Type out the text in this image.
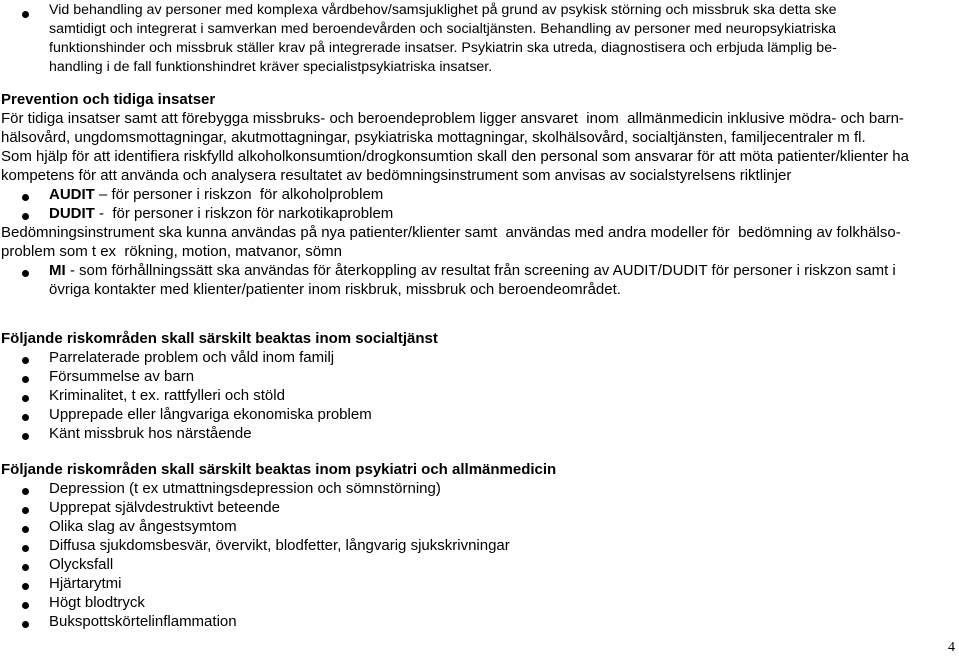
Vid behandling av personer med komplexa vårdbehov/samsjuklighet på grund av psykisk störning och missbruk ska detta ske
samtidigt och integrerat i samverkan med beroendevården och socialtjänsten. Behandling av personer med neuropsykiatriska
funktionshinder och missbruk ställer krav på integrerade insatser. Psykiatrin ska utreda, diagnostisera och erbjuda lämplig be-
handling i de fall funktionshindret kräver specialistpsykiatriska insatser.
Prevention och tidiga insatser
För tidiga insatser samt att förebygga missbruks- och beroendeproblem ligger ansvaret  inom  allmänmedicin inklusive mödra- och barn-
hälsovård, ungdomsmottagningar, akutmottagningar, psykiatriska mottagningar, skolhälsovård, socialtjänsten, familjecentraler m fl.
Som hjälp för att identifiera riskfylld alkoholkonsumtion/drogkonsumtion skall den personal som ansvarar för att möta patienter/klienter ha
kompetens för att använda och analysera resultatet av bedömningsinstrument som anvisas av socialstyrelsens riktlinjer
AUDIT – för personer i riskzon  för alkoholproblem
DUDIT -  för personer i riskzon för narkotikaproblem
Bedömningsinstrument ska kunna användas på nya patienter/klienter samt  användas med andra modeller för  bedömning av folkhälso-
problem som t ex  rökning, motion, matvanor, sömn
MI - som förhållningssätt ska användas för återkoppling av resultat från screening av AUDIT/DUDIT för personer i riskzon samt i
övriga kontakter med klienter/patienter inom riskbruk, missbruk och beroendeområdet.
Följande riskområden skall särskilt beaktas inom socialtjänst
Parrelaterade problem och våld inom familj
Försummelse av barn
Kriminalitet, t ex. rattfylleri och stöld
Upprepade eller långvariga ekonomiska problem
Känt missbruk hos närstående
Följande riskområden skall särskilt beaktas inom psykiatri och allmänmedicin
Depression (t ex utmattningsdepression och sömnstörning)
Upprepat självdestruktivt beteende
Olika slag av ångestsymtom
Diffusa sjukdomsbesvär, övervikt, blodfetter, långvarig sjukskrivningar
Olycksfall
Hjärtarytmi
Högt blodtryck
Bukspottskörtelinflammation
4
